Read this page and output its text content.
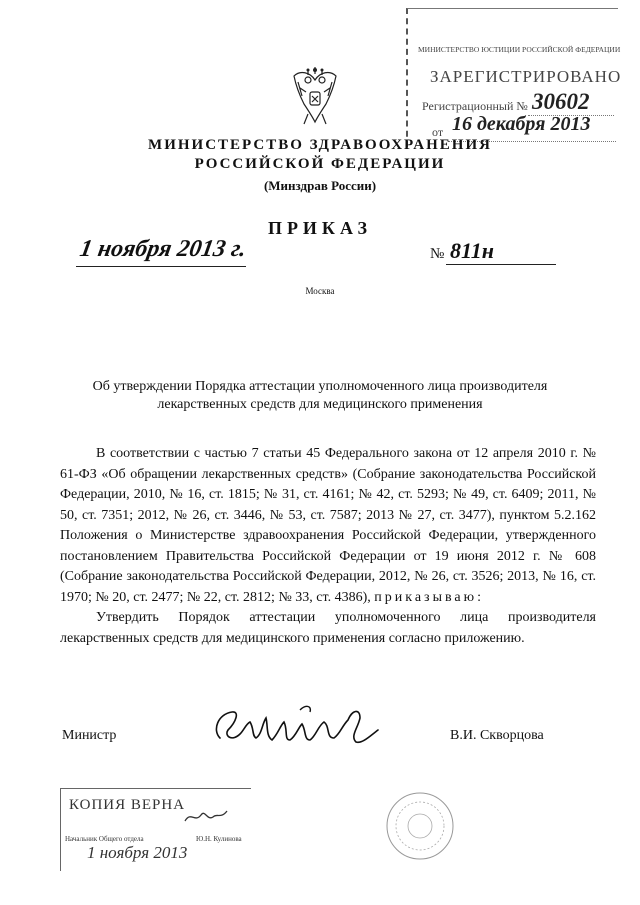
МИНИСТЕРСТВО ЮСТИЦИИ РОССИЙСКОЙ ФЕДЕРАЦИИ
ЗАРЕГИСТРИРОВАНО
Регистрационный № 30602
от 16 декабря 2013
МИНИСТЕРСТВО ЗДРАВООХРАНЕНИЯ
РОССИЙСКОЙ ФЕДЕРАЦИИ
(Минздрав России)
ПРИКАЗ
1 ноября 2013 г.	№ 811н
Москва
Об утверждении Порядка аттестации уполномоченного лица производителя
лекарственных средств для медицинского применения

В соответствии с частью 7 статьи 45 Федерального закона от 12 апреля 2010 г. № 61-ФЗ «Об обращении лекарственных средств» (Собрание законодательства Российской Федерации, 2010, № 16, ст. 1815; № 31, ст. 4161; № 42, ст. 5293; № 49, ст. 6409; 2011, № 50, ст. 7351; 2012, № 26, ст. 3446, № 53, ст. 7587; 2013 № 27, ст. 3477), пунктом 5.2.162 Положения о Министерстве здравоохранения Российской Федерации, утвержденного постановлением Правительства Российской Федерации от 19 июня 2012 г. № 608 (Собрание законодательства Российской Федерации, 2012, № 26, ст. 3526; 2013, № 16, ст. 1970; № 20, ст. 2477; № 22, ст. 2812; № 33, ст. 4386), приказываю:

Утвердить Порядок аттестации уполномоченного лица производителя лекарственных средств для медицинского применения согласно приложению.

Министр	В.И. Скворцова
КОПИЯ ВЕРНА
Начальник Общего отдела	Ю.Н. Кулинова
1 ноября 2013
